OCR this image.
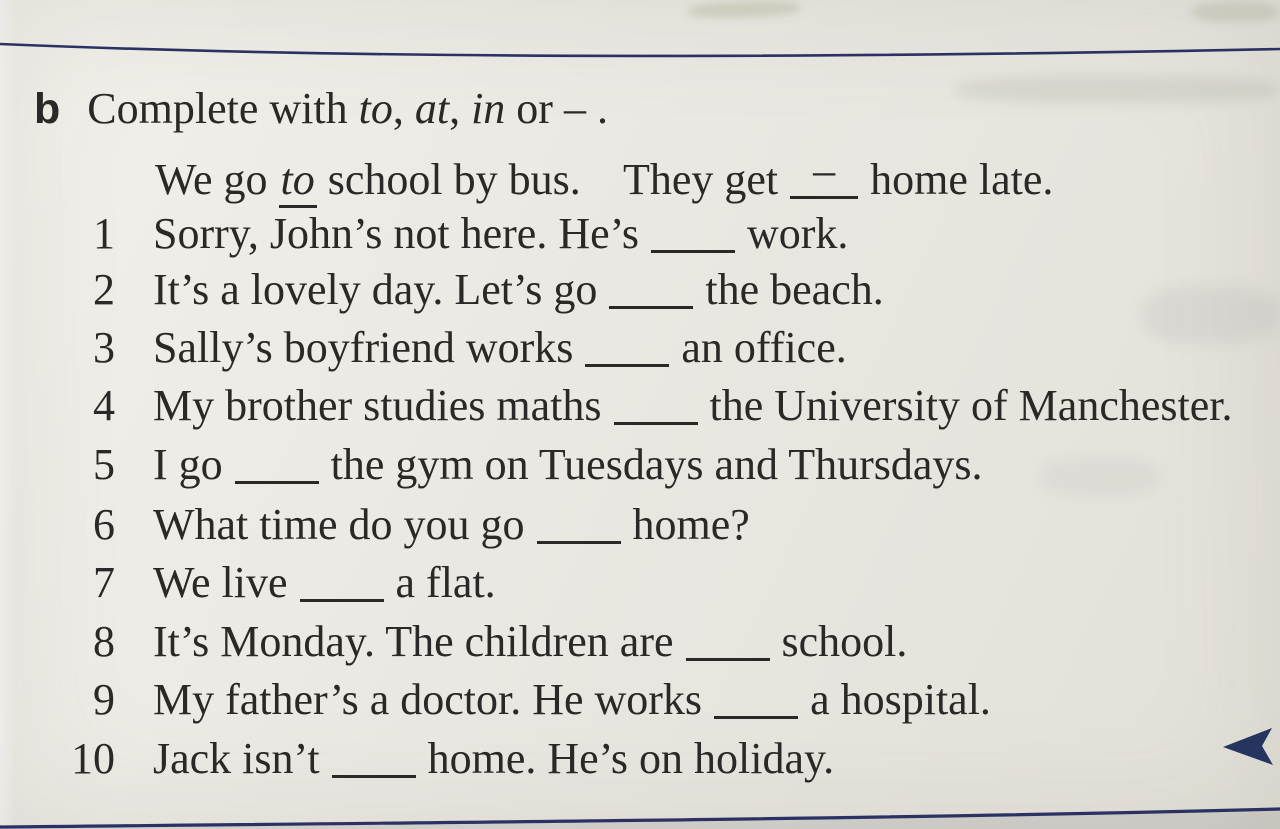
b Complete with to, at, in or – .
We go to school by bus. They get – home late.
1 Sorry, John’s not here. He’s work.
2 It’s a lovely day. Let’s go the beach.
3 Sally’s boyfriend works an office.
4 My brother studies maths the University of Manchester.
5 I go the gym on Tuesdays and Thursdays.
6 What time do you go home?
7 We live a flat.
8 It’s Monday. The children are school.
9 My father’s a doctor. He works a hospital.
10 Jack isn’t home. He’s on holiday.
